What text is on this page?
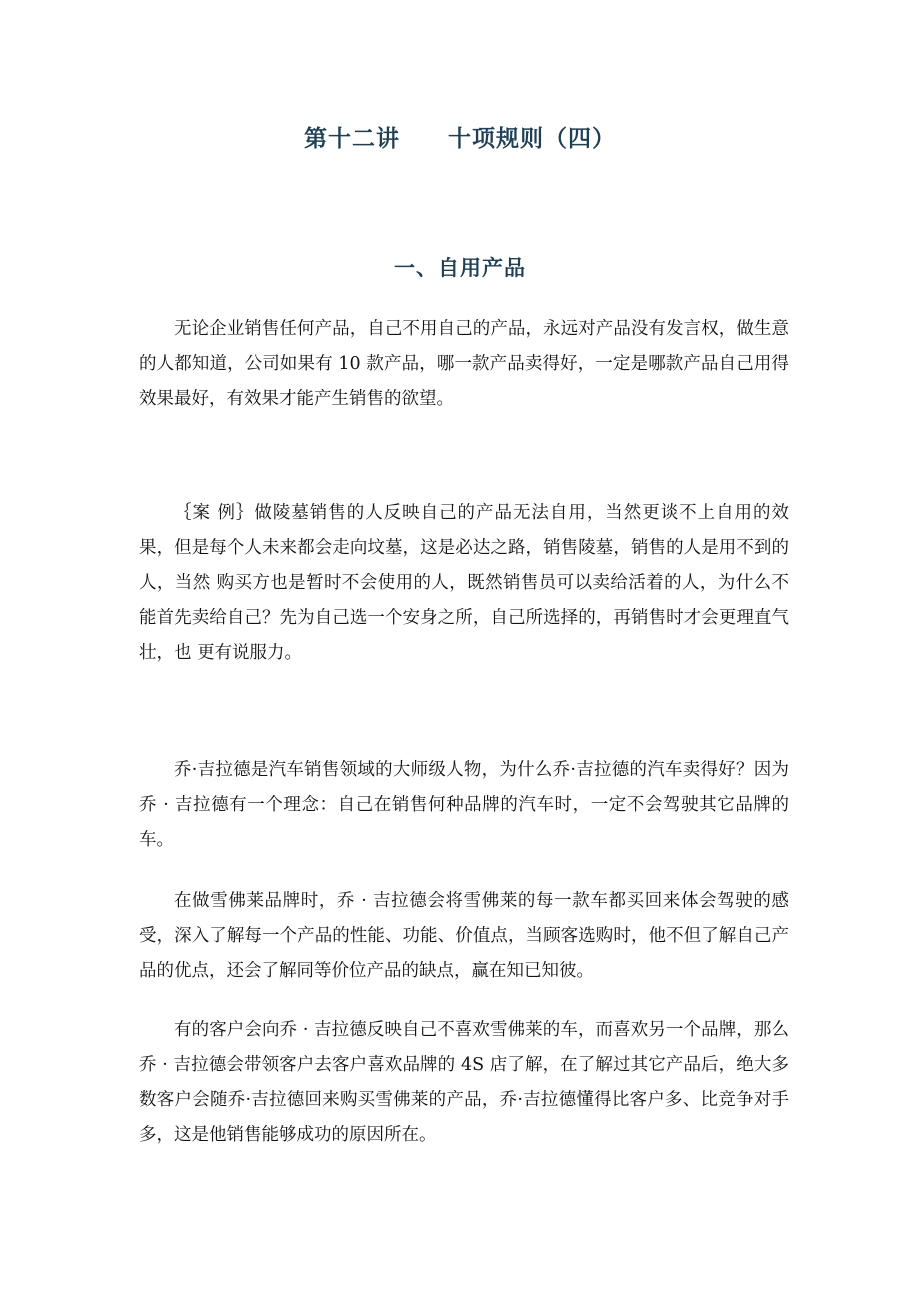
第十二讲　　十项规则（四）
一、自用产品

无论企业销售任何产品，自己不用自己的产品，永远对产品没有发言权，做生意的人都知道，公司如果有 10 款产品，哪一款产品卖得好，一定是哪款产品自己用得效果最好，有效果才能产生销售的欲望。

｛案 例｝做陵墓销售的人反映自己的产品无法自用，当然更谈不上自用的效果，但是每个人未来都会走向坟墓，这是必达之路，销售陵墓，销售的人是用不到的人，当然 购买方也是暂时不会使用的人，既然销售员可以卖给活着的人，为什么不能首先卖给自己？先为自己选一个安身之所，自己所选择的，再销售时才会更理直气壮，也 更有说服力。

乔·吉拉德是汽车销售领域的大师级人物，为什么乔·吉拉德的汽车卖得好？因为乔 · 吉拉德有一个理念：自己在销售何种品牌的汽车时，一定不会驾驶其它品牌的车。

在做雪佛莱品牌时，乔 · 吉拉德会将雪佛莱的每一款车都买回来体会驾驶的感受，深入了解每一个产品的性能、功能、价值点，当顾客选购时，他不但了解自己产品的优点，还会了解同等价位产品的缺点，赢在知已知彼。

有的客户会向乔 · 吉拉德反映自己不喜欢雪佛莱的车，而喜欢另一个品牌，那么乔 · 吉拉德会带领客户去客户喜欢品牌的 4S 店了解，在了解过其它产品后，绝大多数客户会随乔·吉拉德回来购买雪佛莱的产品，乔·吉拉德懂得比客户多、比竞争对手多，这是他销售能够成功的原因所在。
